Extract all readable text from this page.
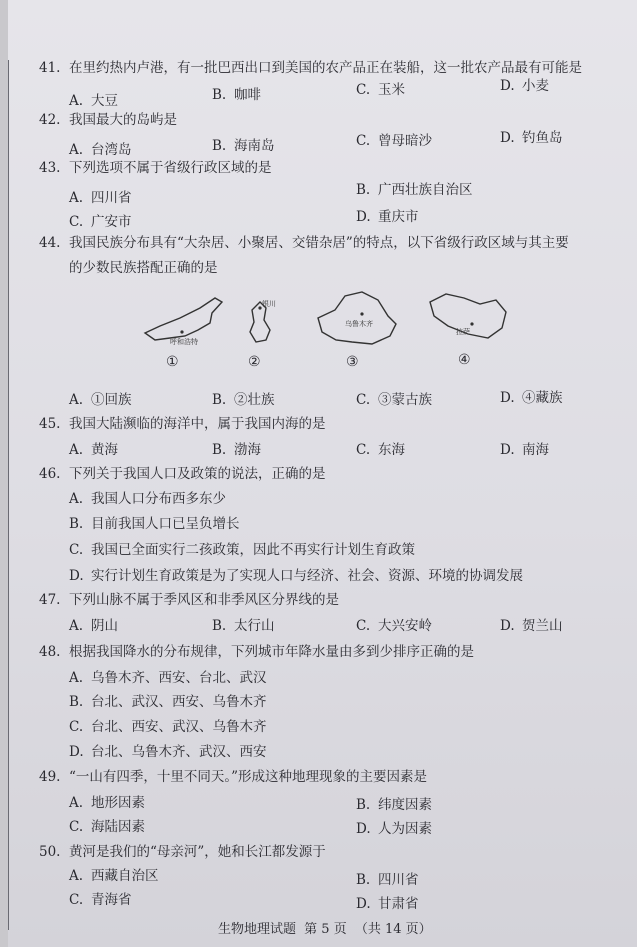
41. 在里约热内卢港，有一批巴西出口到美国的农产品正在装船，这一批农产品最有可能是
A. 大豆	B. 咖啡	C. 玉米	D. 小麦
42. 我国最大的岛屿是
A. 台湾岛	B. 海南岛	C. 曾母暗沙	D. 钓鱼岛
43. 下列选项不属于省级行政区域的是
A. 四川省	B. 广西壮族自治区
C. 广安市	D. 重庆市
44. 我国民族分布具有“大杂居、小聚居、交错杂居”的特点，以下省级行政区域与其主要
的少数民族搭配正确的是
呼和浩特
银川
乌鲁木齐
拉萨
①	②	③	④
A. ①回族	B. ②壮族	C. ③蒙古族	D. ④藏族
45. 我国大陆濒临的海洋中，属于我国内海的是
A. 黄海	B. 渤海	C. 东海	D. 南海
46. 下列关于我国人口及政策的说法，正确的是
A. 我国人口分布西多东少
B. 目前我国人口已呈负增长
C. 我国已全面实行二孩政策，因此不再实行计划生育政策
D. 实行计划生育政策是为了实现人口与经济、社会、资源、环境的协调发展
47. 下列山脉不属于季风区和非季风区分界线的是
A. 阴山	B. 太行山	C. 大兴安岭	D. 贺兰山
48. 根据我国降水的分布规律，下列城市年降水量由多到少排序正确的是
A. 乌鲁木齐、西安、台北、武汉
B. 台北、武汉、西安、乌鲁木齐
C. 台北、西安、武汉、乌鲁木齐
D. 台北、乌鲁木齐、武汉、西安
49. “一山有四季，十里不同天。”形成这种地理现象的主要因素是
A. 地形因素	B. 纬度因素
C. 海陆因素	D. 人为因素
50. 黄河是我们的“母亲河”，她和长江都发源于
A. 西藏自治区	B. 四川省
C. 青海省	D. 甘肃省
生物地理试题 第 5 页 （共 14 页）
